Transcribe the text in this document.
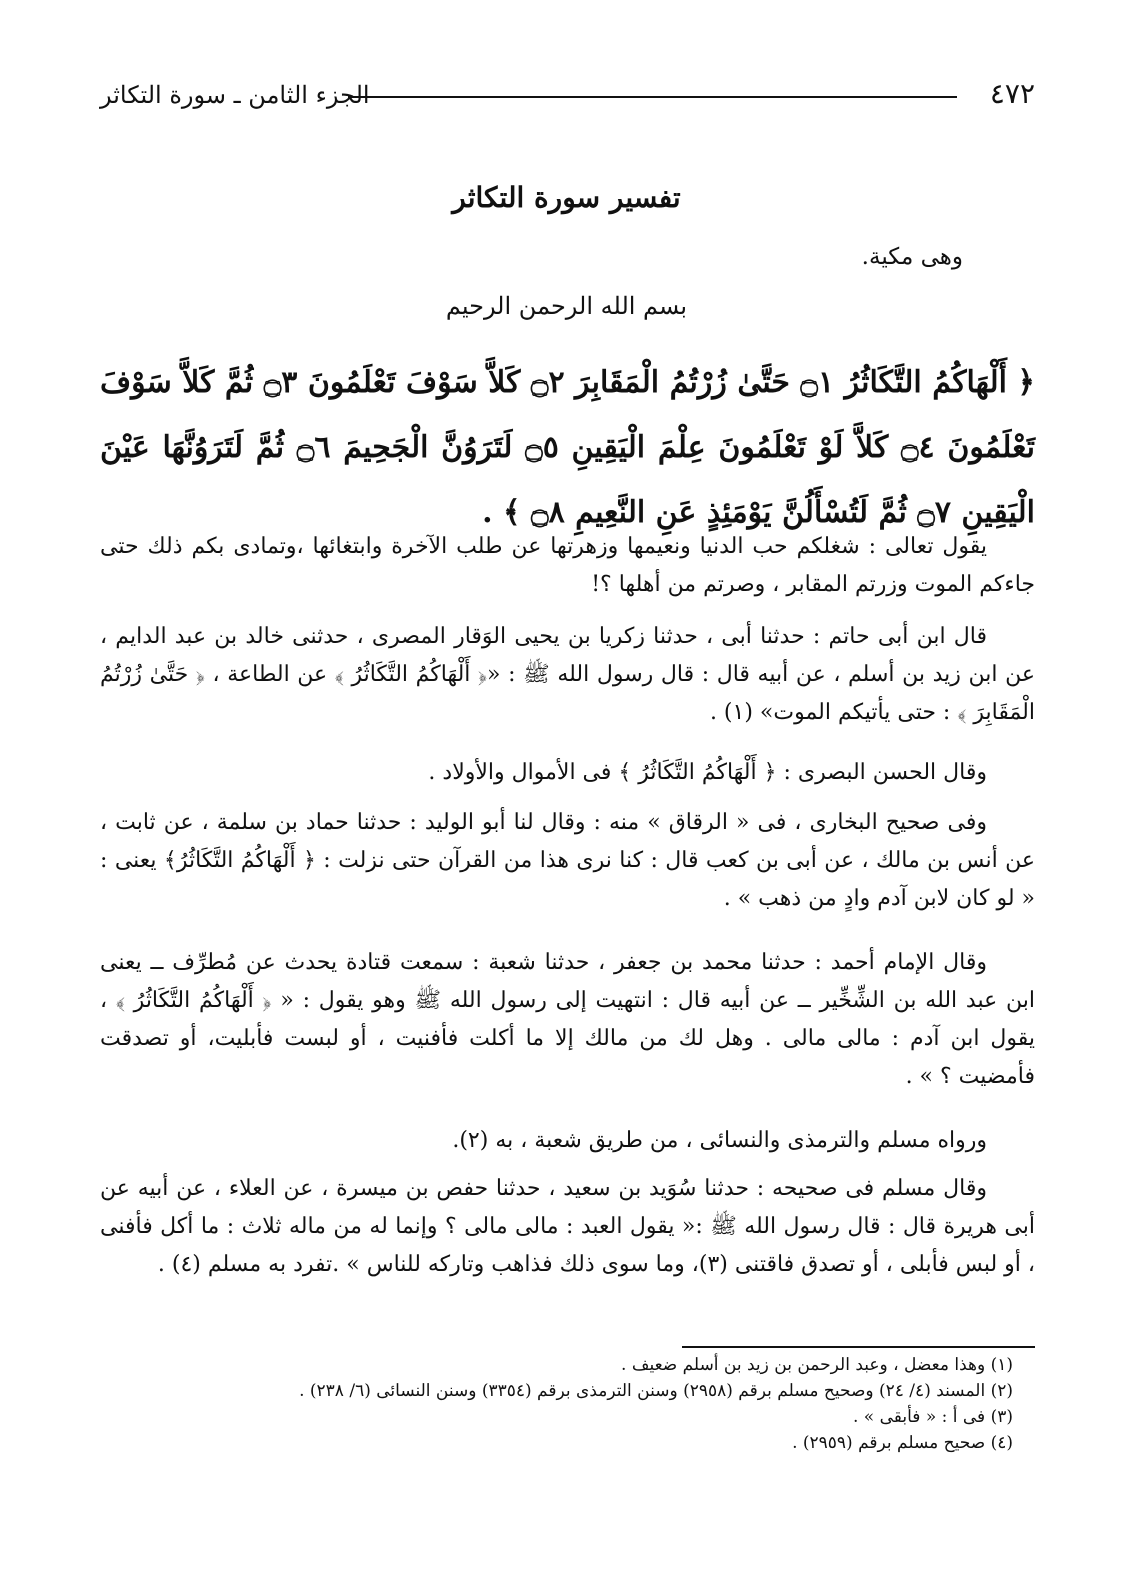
٤٧٢
الجزء الثامن ـ سورة التكاثر
تفسير سورة التكاثر
وهى مكية.
بسم الله الرحمن الرحيم
﴿ أَلْهَاكُمُ التَّكَاثُرُ ۝١ حَتَّىٰ زُرْتُمُ الْمَقَابِرَ ۝٢ كَلاَّ سَوْفَ تَعْلَمُونَ ۝٣ ثُمَّ كَلاَّ سَوْفَ تَعْلَمُونَ ۝٤ كَلاَّ لَوْ تَعْلَمُونَ عِلْمَ الْيَقِينِ ۝٥ لَتَرَوُنَّ الْجَحِيمَ ۝٦ ثُمَّ لَتَرَوُنَّهَا عَيْنَ الْيَقِينِ ۝٧ ثُمَّ لَتُسْأَلُنَّ يَوْمَئِذٍ عَنِ النَّعِيمِ ۝٨ ﴾ .

يقول تعالى : شغلكم حب الدنيا ونعيمها وزهرتها عن طلب الآخرة وابتغائها ،وتمادى بكم ذلك حتى جاءكم الموت وزرتم المقابر ، وصرتم من أهلها ؟!

قال ابن أبى حاتم : حدثنا أبى ، حدثنا زكريا بن يحيى الوَقار المصرى ، حدثنى خالد بن عبد الدايم ، عن ابن زيد بن أسلم ، عن أبيه قال : قال رسول الله ﷺ : «﴿ أَلْهَاكُمُ التَّكَاثُرُ ﴾ عن الطاعة ، ﴿ حَتَّىٰ زُرْتُمُ الْمَقَابِرَ ﴾ : حتى يأتيكم الموت» (١) .

وقال الحسن البصرى : ﴿ أَلْهَاكُمُ التَّكَاثُرُ ﴾ فى الأموال والأولاد .

وفى صحيح البخارى ، فى « الرقاق » منه : وقال لنا أبو الوليد : حدثنا حماد بن سلمة ، عن ثابت ، عن أنس بن مالك ، عن أبى بن كعب قال : كنا نرى هذا من القرآن حتى نزلت : ﴿ أَلْهَاكُمُ التَّكَاثُرُ﴾ يعنى : « لو كان لابن آدم وادٍ من ذهب » .

وقال الإمام أحمد : حدثنا محمد بن جعفر ، حدثنا شعبة : سمعت قتادة يحدث عن مُطرِّف ــ يعنى ابن عبد الله بن الشِّخِّير ــ عن أبيه قال : انتهيت إلى رسول الله ﷺ وهو يقول : « ﴿ أَلْهَاكُمُ التَّكَاثُرُ ﴾ ، يقول ابن آدم : مالى مالى . وهل لك من مالك إلا ما أكلت فأفنيت ، أو لبست فأبليت، أو تصدقت فأمضيت ؟ » .

ورواه مسلم والترمذى والنسائى ، من طريق شعبة ، به (٢).

وقال مسلم فى صحيحه : حدثنا سُوَيد بن سعيد ، حدثنا حفص بن ميسرة ، عن العلاء ، عن أبيه عن أبى هريرة قال : قال رسول الله ﷺ :« يقول العبد : مالى مالى ؟ وإنما له من ماله ثلاث : ما أكل فأفنى ، أو لبس فأبلى ، أو تصدق فاقتنى (٣)، وما سوى ذلك فذاهب وتاركه للناس » .تفرد به مسلم (٤) .

(١) وهذا معضل ، وعبد الرحمن بن زيد بن أسلم ضعيف .
(٢) المسند (٤/ ٢٤) وصحيح مسلم برقم (٢٩٥٨) وسنن الترمذى برقم (٣٣٥٤) وسنن النسائى (٦/ ٢٣٨) .
(٣) فى أ : « فأبقى » .
(٤) صحيح مسلم برقم (٢٩٥٩) .
